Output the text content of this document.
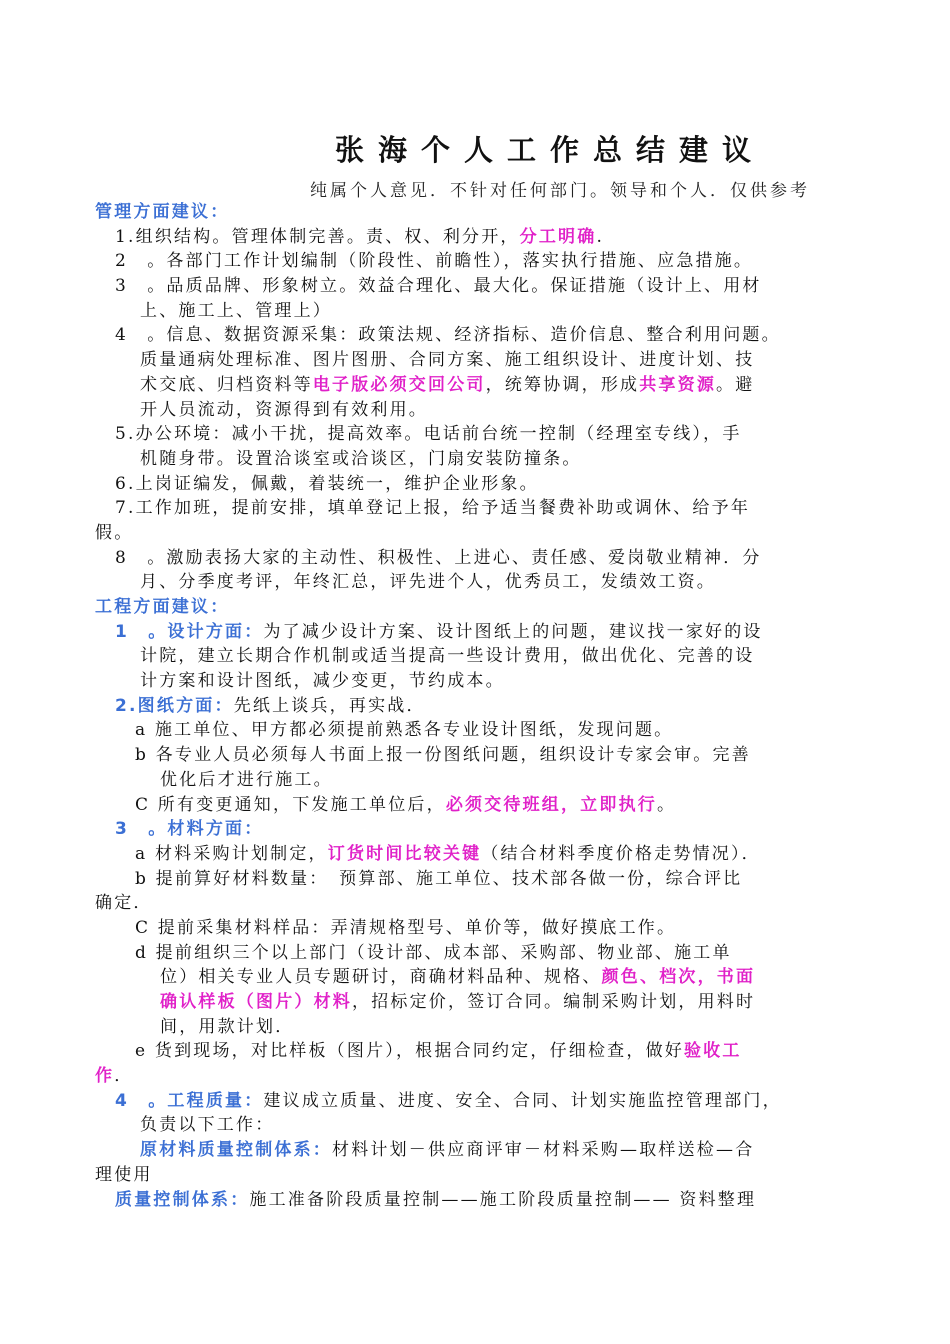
张海个人工作总结建议
纯属个人意见．不针对任何部门。领导和个人．仅供参考
管理方面建议：
1.组织结构。管理体制完善。责、权、利分开，分工明确.
2　。各部门工作计划编制（阶段性、前瞻性），落实执行措施、应急措施。
3　。品质品牌、形象树立。效益合理化、最大化。保证措施（设计上、用材
上、施工上、管理上）
4　。信息、数据资源采集：政策法规、经济指标、造价信息、整合利用问题。
质量通病处理标准、图片图册、合同方案、施工组织设计、进度计划、技
术交底、归档资料等电子版必须交回公司，统筹协调，形成共享资源。避
开人员流动，资源得到有效利用。
5.办公环境：减小干扰，提高效率。电话前台统一控制（经理室专线），手
机随身带。设置洽谈室或洽谈区，门扇安装防撞条。
6.上岗证编发，佩戴，着装统一，维护企业形象。
7.工作加班，提前安排，填单登记上报，给予适当餐费补助或调休、给予年
假。
8　。激励表扬大家的主动性、积极性、上进心、责任感、爱岗敬业精神．分
月、分季度考评，年终汇总，评先进个人，优秀员工，发绩效工资。
工程方面建议：
1　。设计方面：为了减少设计方案、设计图纸上的问题，建议找一家好的设
计院，建立长期合作机制或适当提高一些设计费用，做出优化、完善的设
计方案和设计图纸，减少变更，节约成本。
2.图纸方面：先纸上谈兵，再实战．
a 施工单位、甲方都必须提前熟悉各专业设计图纸，发现问题。
b 各专业人员必须每人书面上报一份图纸问题，组织设计专家会审。完善
优化后才进行施工。
C 所有变更通知，下发施工单位后，必须交待班组，立即执行。
3　。材料方面：
a 材料采购计划制定，订货时间比较关键（结合材料季度价格走势情况）．
b 提前算好材料数量：　预算部、施工单位、技术部各做一份，综合评比
确定．
C 提前采集材料样品：弄清规格型号、单价等，做好摸底工作。
d 提前组织三个以上部门（设计部、成本部、采购部、物业部、施工单
位）相关专业人员专题研讨，商确材料品种、规格、颜色、档次，书面
确认样板（图片）材料，招标定价，签订合同。编制采购计划，用料时
间，用款计划．
e 货到现场，对比样板（图片），根据合同约定，仔细检查，做好验收工
作．
4　。工程质量：建议成立质量、进度、安全、合同、计划实施监控管理部门，
负责以下工作：
原材料质量控制体系：材料计划－供应商评审－材料采购—取样送检—合
理使用
质量控制体系：施工准备阶段质量控制——施工阶段质量控制—— 资料整理
